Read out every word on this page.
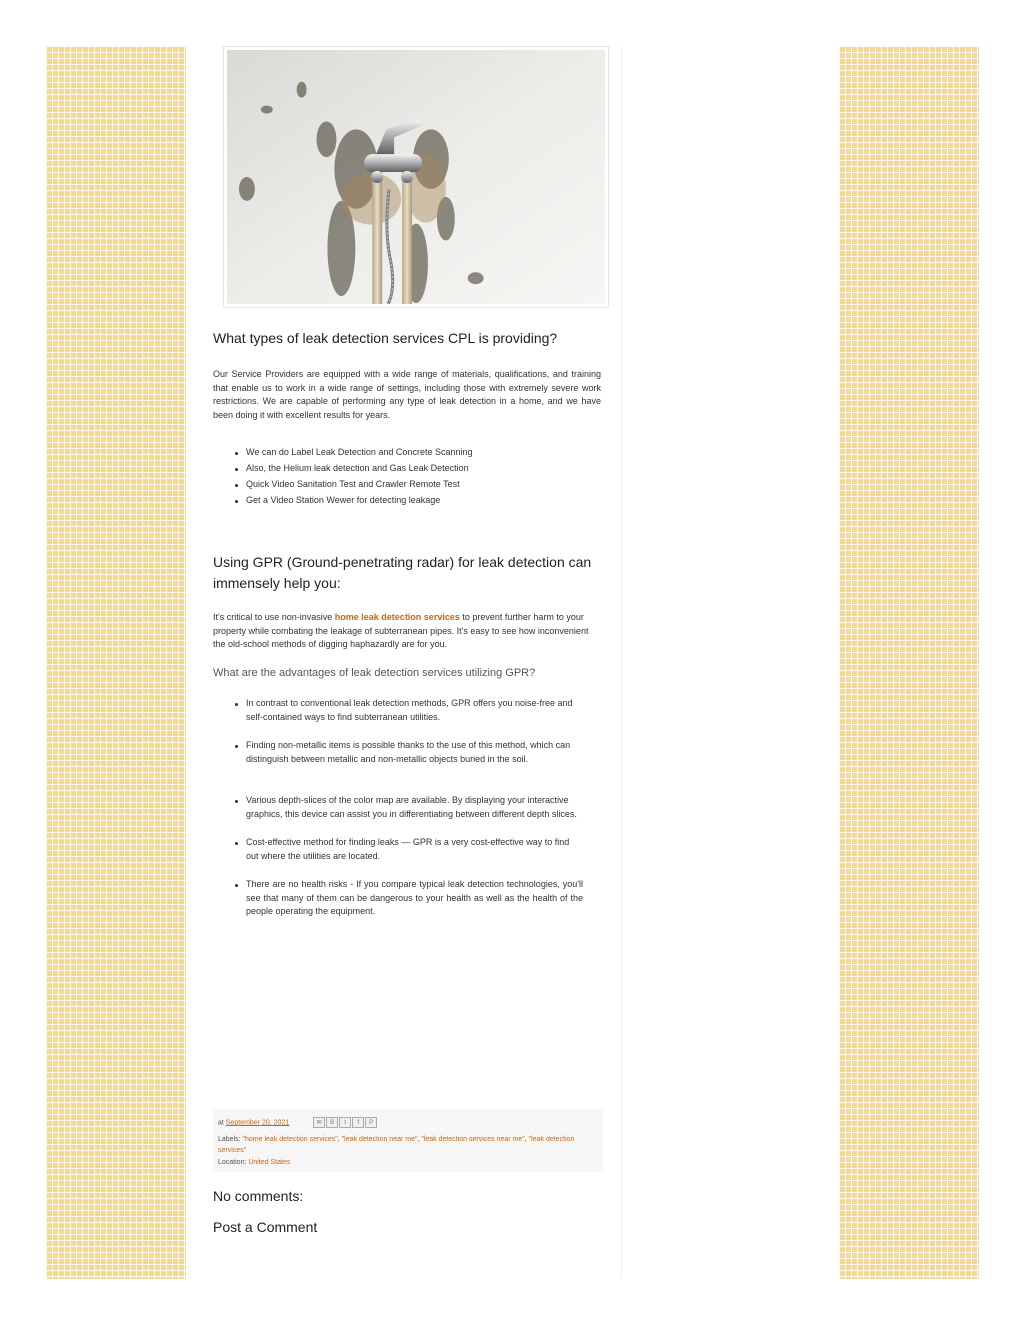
What types of leak detection services CPL is providing?

Our Service Providers are equipped with a wide range of materials, qualifications, and training that enable us to work in a wide range of settings, including those with extremely severe work restrictions. We are capable of performing any type of leak detection in a home, and we have been doing it with excellent results for years.

We can do Label Leak Detection and Concrete Scanning
Also, the Helium leak detection and Gas Leak Detection
Quick Video Sanitation Test and Crawler Remote Test
Get a Video Station Wewer for detecting leakage
Using GPR (Ground-penetrating radar) for leak detection can immensely help you:

It's critical to use non-invasive home leak detection services to prevent further harm to your property while combating the leakage of subterranean pipes. It's easy to see how inconvenient the old-school methods of digging haphazardly are for you.

What are the advantages of leak detection services utilizing GPR?
In contrast to conventional leak detection methods, GPR offers you noise-free and self-contained ways to find subterranean utilities.
Finding non-metallic items is possible thanks to the use of this method, which can distinguish between metallic and non-metallic objects buried in the soil.
Various depth-slices of the color map are available. By displaying your interactive graphics, this device can assist you in differentiating between different depth slices.
Cost-effective method for finding leaks — GPR is a very cost-effective way to find out where the utilities are located.
There are no health risks - If you compare typical leak detection technologies, you'll see that many of them can be dangerous to your health as well as the health of the people operating the equipment.
at September 20, 2021	✉	B	t	f	P
Labels: "home leak detection services", "leak detection near me", "leak detection services near me", "leak detection services"
Location: United States
No comments:
Post a Comment
